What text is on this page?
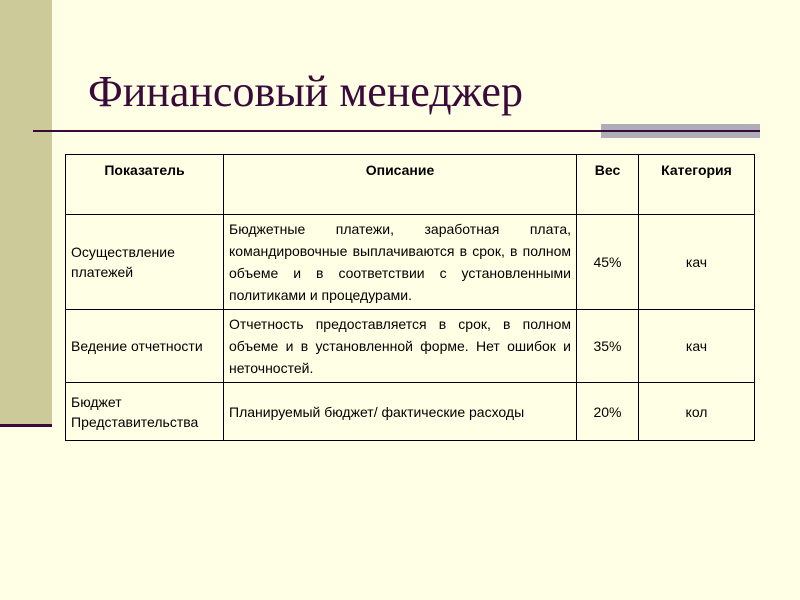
Финансовый менеджер
Показатель	Описание	Вес	Категория
Осуществление платежей	Бюджетные платежи, заработная плата, командировочные выплачиваются в срок, в полном объеме и в соответствии с установленными политиками и процедурами.	45%	кач
Ведение отчетности	Отчетность предоставляется в срок, в полном объеме и в установленной форме. Нет ошибок и неточностей.	35%	кач
Бюджет Представительства	Планируемый бюджет/ фактические расходы	20%	кол
